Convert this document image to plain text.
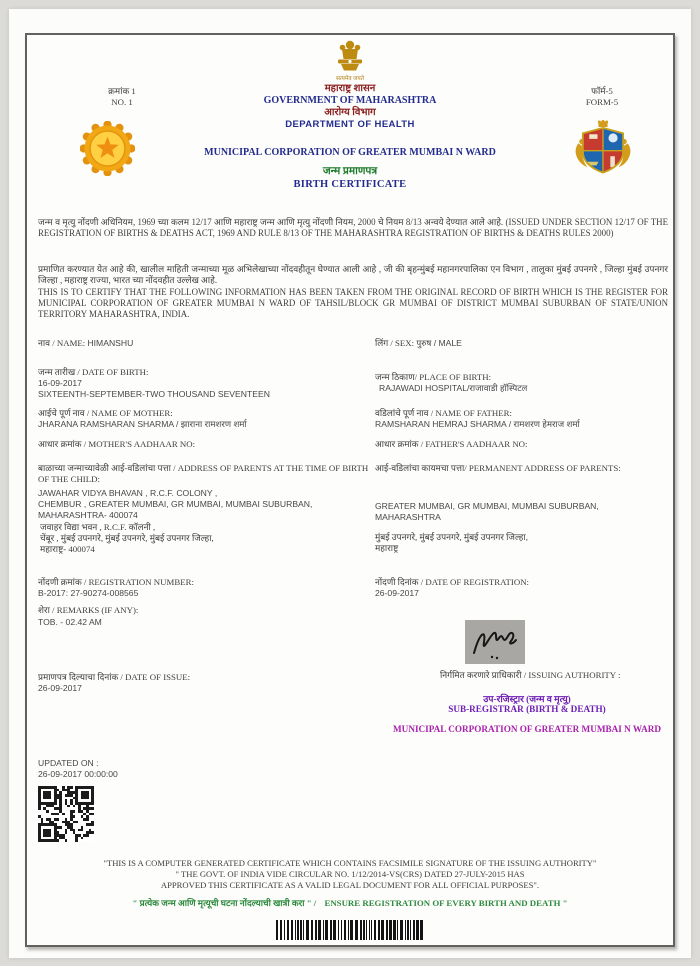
सत्यमेव जयते
क्रमांक 1
NO. 1
फॉर्म-5
FORM-5
महाराष्ट्र शासन
GOVERNMENT OF MAHARASHTRA
आरोग्य विभाग
DEPARTMENT OF HEALTH
MUNICIPAL CORPORATION OF GREATER MUMBAI N WARD
जन्म प्रमाणपत्र
BIRTH CERTIFICATE

जन्म व मृत्यु नोंदणी अधिनियम, 1969 च्या कलम 12/17 आणि महाराष्ट्र जन्म आणि मृत्यु नोंदणी नियम, 2000 चे नियम 8/13 अन्वये देण्यात आले आहे. (ISSUED UNDER SECTION 12/17 OF THE REGISTRATION OF BIRTHS & DEATHS ACT, 1969 AND RULE 8/13 OF THE MAHARASHTRA REGISTRATION OF BIRTHS & DEATHS RULES 2000)

प्रमाणित करण्यात येत आहे की, खालील माहिती जन्माच्या मूळ अभिलेखाच्या नोंदवहीतून घेण्यात आली आहे , जी की बृहन्मुंबई महानगरपालिका एन विभाग , तालुका मुंबई उपनगरे , जिल्हा मुंबई उपनगर जिल्हा , महाराष्ट्र राज्या, भारत च्या नोंदवहीत उल्लेख आहे.
THIS IS TO CERTIFY THAT THE FOLLOWING INFORMATION HAS BEEN TAKEN FROM THE ORIGINAL RECORD OF BIRTH WHICH IS THE REGISTER FOR MUNICIPAL CORPORATION OF GREATER MUMBAI N WARD OF TAHSIL/BLOCK GR MUMBAI OF DISTRICT MUMBAI SUBURBAN OF STATE/UNION TERRITORY MAHARASHTRA, INDIA.

नाव / NAME: HIMANSHU	लिंग / SEX: पुरुष / MALE
जन्म तारीख / DATE OF BIRTH:
16-09-2017
SIXTEENTH-SEPTEMBER-TWO THOUSAND SEVENTEEN
जन्म ठिकाण/ PLACE OF BIRTH:
RAJAWADI HOSPITAL/राजावाडी हॉस्पिटल
आईचे पूर्ण नाव / NAME OF MOTHER:
JHARANA RAMSHARAN SHARMA / झाराना रामशरण शर्मा
वडिलांचे पूर्ण नाव / NAME OF FATHER:
RAMSHARAN HEMRAJ SHARMA / रामशरण हेमराज शर्मा
आधार क्रमांक / MOTHER'S AADHAAR NO:	आधार क्रमांक / FATHER'S AADHAAR NO:
बाळाच्या जन्माच्यावेळी आई-वडिलांचा पत्ता / ADDRESS OF PARENTS AT THE TIME OF BIRTH OF THE CHILD:
JAWAHAR VIDYA BHAVAN , R.C.F. COLONY ,
CHEMBUR , GREATER MUMBAI, GR MUMBAI, MUMBAI SUBURBAN,
MAHARASHTRA- 400074
जवाहर विद्या भवन , R.C.F. कॉलनी ,
चेंबूर , मुंबई उपनगरे, मुंबई उपनगरे, मुंबई उपनगर जिल्हा,
महाराष्ट्र- 400074
आई-वडिलांचा कायमचा पत्ता/ PERMANENT ADDRESS OF PARENTS:
GREATER MUMBAI, GR MUMBAI, MUMBAI SUBURBAN,
MAHARASHTRA
मुंबई उपनगरे, मुंबई उपनगरे, मुंबई उपनगर जिल्हा,
महाराष्ट्र
नोंदणी क्रमांक / REGISTRATION NUMBER:
B-2017: 27-90274-008565
नोंदणी दिनांक / DATE OF REGISTRATION:
26-09-2017
शेरा / REMARKS (IF ANY):
TOB. - 02.42 AM
प्रमाणपत्र दिल्याचा दिनांक / DATE OF ISSUE:
26-09-2017
निर्गमित करणारे प्राधिकारी / ISSUING AUTHORITY :
उप-रजिस्ट्रार (जन्म व मृत्यु)
SUB-REGISTRAR (BIRTH & DEATH)
MUNICIPAL CORPORATION OF GREATER MUMBAI N WARD
UPDATED ON :
26-09-2017 00:00:00
"THIS IS A COMPUTER GENERATED CERTIFICATE WHICH CONTAINS FACSIMILE SIGNATURE OF THE ISSUING AUTHORITY"
" THE GOVT. OF INDIA VIDE CIRCULAR NO. 1/12/2014-VS(CRS) DATED 27-JULY-2015 HAS
APPROVED THIS CERTIFICATE AS A VALID LEGAL DOCUMENT FOR ALL OFFICIAL PURPOSES".
" प्रत्येक जन्म आणि मृत्यूची घटना नोंदल्याची खात्री करा " / ENSURE REGISTRATION OF EVERY BIRTH AND DEATH "
